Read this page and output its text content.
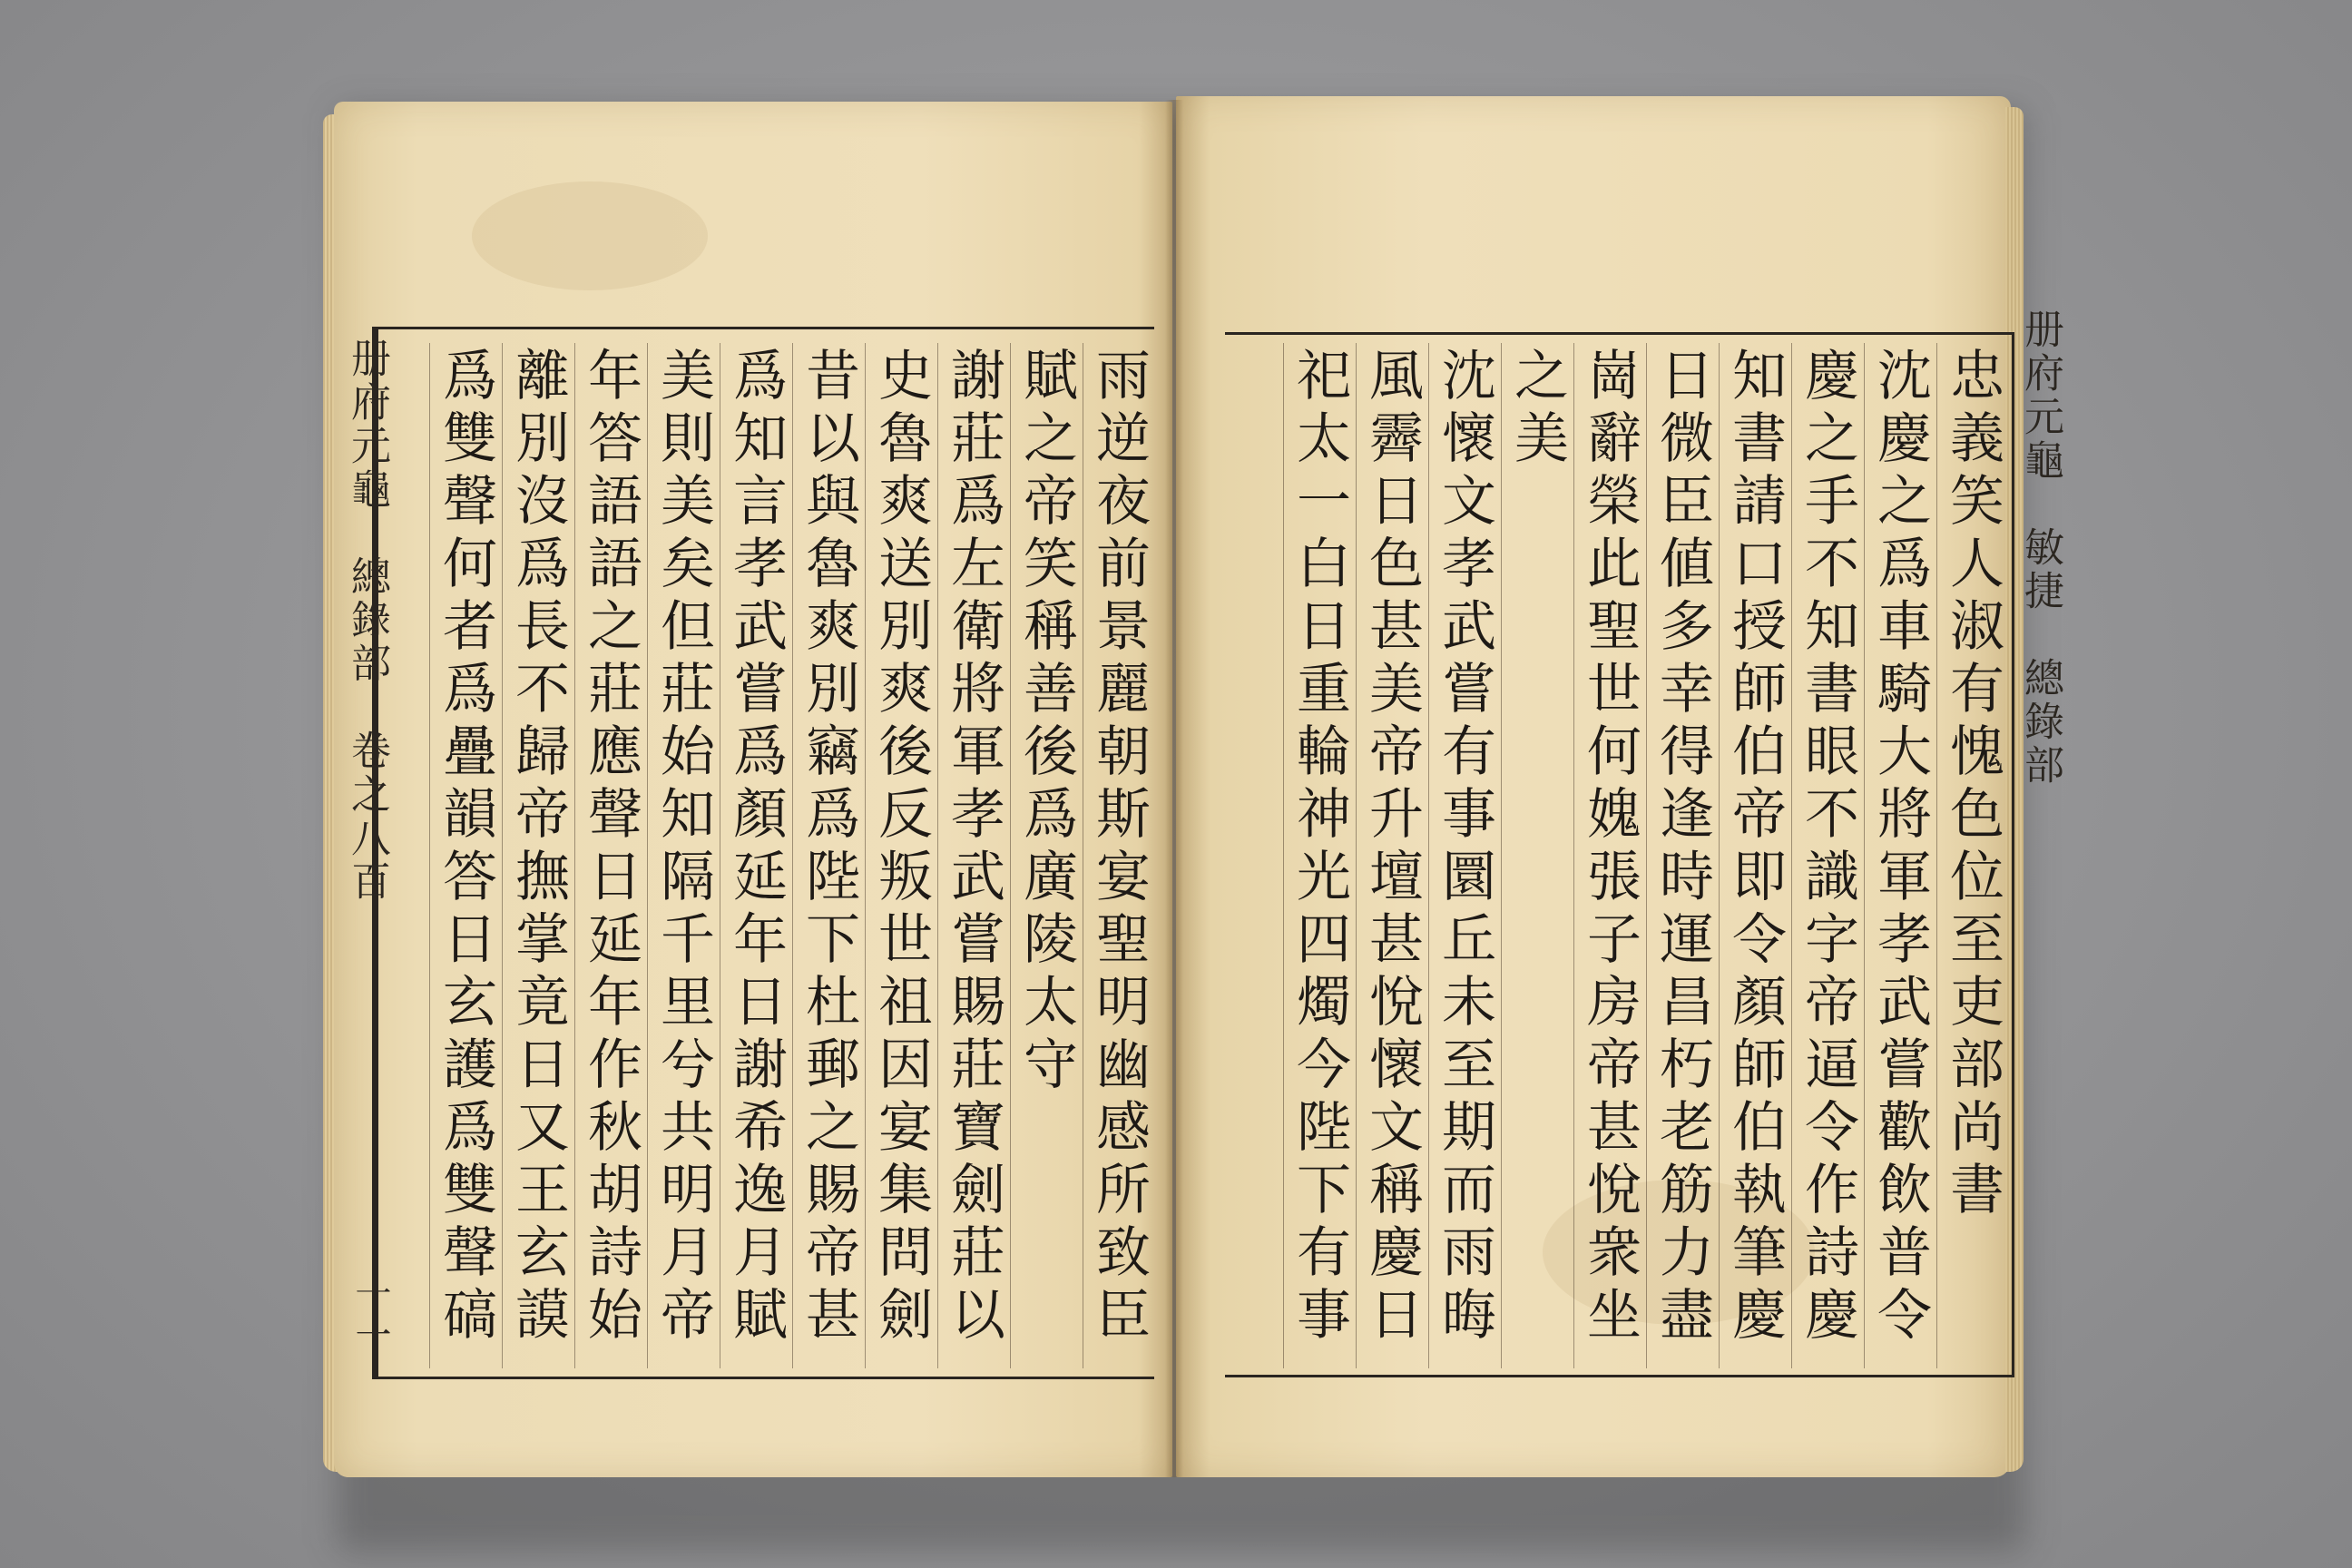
册府元龜　總錄部　卷之八百
十一
雨逆夜前景麗朝斯宴聖明幽感所致臣
賦之帝笑稱善後爲廣陵太守
謝莊爲左衛將軍孝武嘗賜莊寶劍莊以
史魯爽送別爽後反叛世祖因宴集問劍
昔以與魯爽別竊爲陛下杜郵之賜帝甚
爲知言孝武嘗爲顏延年日謝希逸月賦
美則美矣但莊始知隔千里兮共明月帝
年答語語之莊應聲日延年作秋胡詩始
離別沒爲長不歸帝撫掌竟日又王玄謨
爲雙聲何者爲疊韻答日玄護爲雙聲碻
册府元龜　敏捷　總錄部
忠義笑人淑有愧色位至吏部尚書
沈慶之爲車騎大將軍孝武嘗歡飲普令
慶之手不知書眼不識字帝逼令作詩慶
知書請口授師伯帝即令顏師伯執筆慶
日微臣値多幸得逢時運昌朽老筋力盡
崗辭榮此聖世何媿張子房帝甚悅衆坐
之美
沈懷文孝武嘗有事圜丘未至期而雨晦
風霽日色甚美帝升壇甚悅懷文稱慶日
祀太一白日重輪神光四燭今陛下有事
